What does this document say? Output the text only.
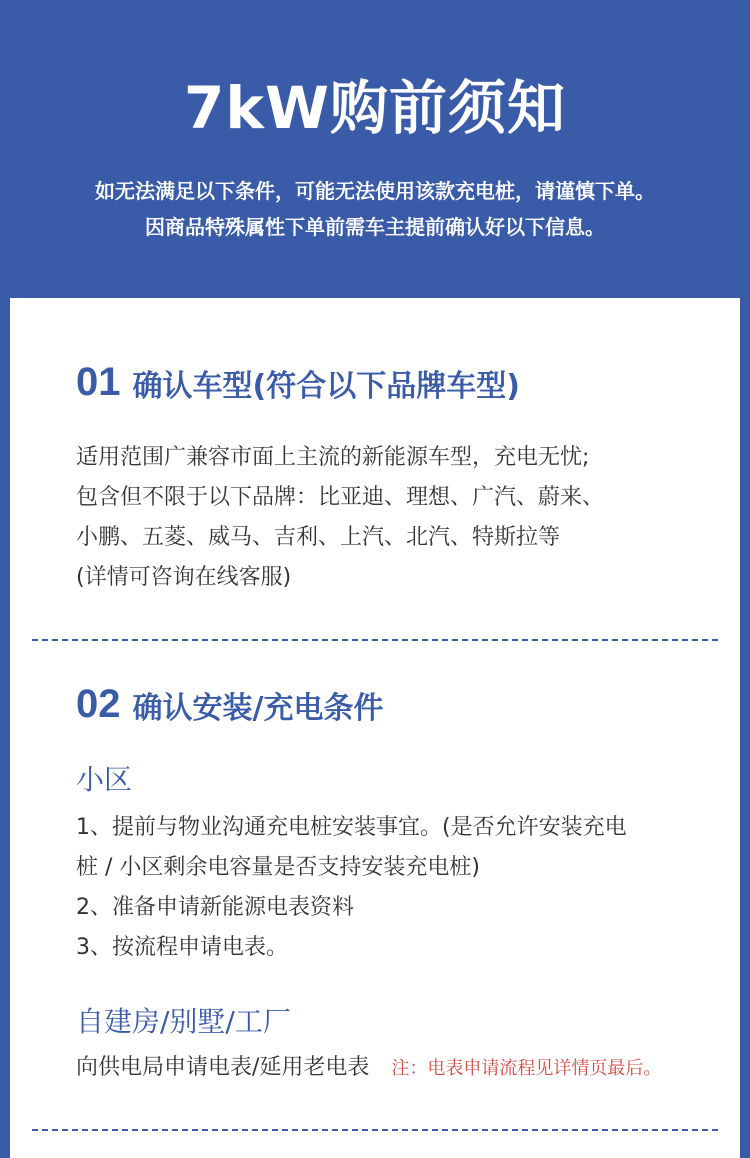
7kW购前须知
如无法满足以下条件，可能无法使用该款充电桩，请谨慎下单。
因商品特殊属性下单前需车主提前确认好以下信息。
01 确认车型(符合以下品牌车型)
适用范围广兼容市面上主流的新能源车型，充电无忧;
包含但不限于以下品牌：比亚迪、理想、广汽、蔚来、
小鹏、五菱、威马、吉利、上汽、北汽、特斯拉等
(详情可咨询在线客服)
02 确认安装/充电条件
小区
1、提前与物业沟通充电桩安装事宜。(是否允许安装充电
桩 / 小区剩余电容量是否支持安装充电桩)
2、准备申请新能源电表资料
3、按流程申请电表。
自建房/别墅/工厂
向供电局申请电表/延用老电表 注：电表申请流程见详情页最后。
